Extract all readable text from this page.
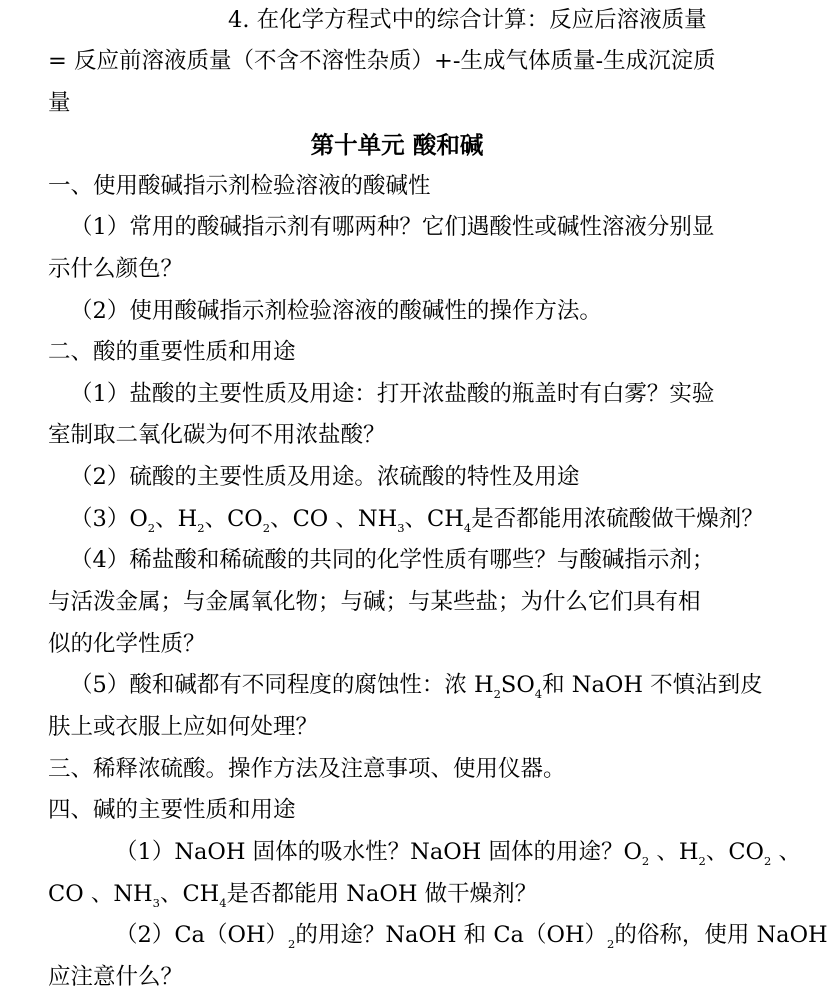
4. 在化学方程式中的综合计算：反应后溶液质量
= 反应前溶液质量（不含不溶性杂质）+-生成气体质量-生成沉淀质
量
第十单元 酸和碱
一、使用酸碱指示剂检验溶液的酸碱性
（1）常用的酸碱指示剂有哪两种？它们遇酸性或碱性溶液分别显
示什么颜色？
（2）使用酸碱指示剂检验溶液的酸碱性的操作方法。
二、酸的重要性质和用途
（1）盐酸的主要性质及用途：打开浓盐酸的瓶盖时有白雾？实验
室制取二氧化碳为何不用浓盐酸？
（2）硫酸的主要性质及用途。浓硫酸的特性及用途
$(3)O_2$、$H_2$、$CO_2$、CO 、$NH_3$、$CH_4$是否都能用浓硫酸做干燥剂？
（4）稀盐酸和稀硫酸的共同的化学性质有哪些？与酸碱指示剂；
与活泼金属；与金属氧化物；与碱；与某些盐；为什么它们具有相
似的化学性质？
（5）酸和碱都有不同程度的腐蚀性：浓 $H_2SO_4$和 NaOH 不慎沾到皮
肤上或衣服上应如何处理？
三、稀释浓硫酸。操作方法及注意事项、使用仪器。
四、碱的主要性质和用途
（1）NaOH 固体的吸水性？NaOH 固体的用途？$O_2$ 、$H_2$、$CO_2$ 、
CO 、$NH_3$、$CH_4$是否都能用 NaOH 做干燥剂？
$(2)Ca(OH)_2$的用途？NaOH 和 $Ca(OH)_2$的俗称，使用 NaOH
应注意什么？
